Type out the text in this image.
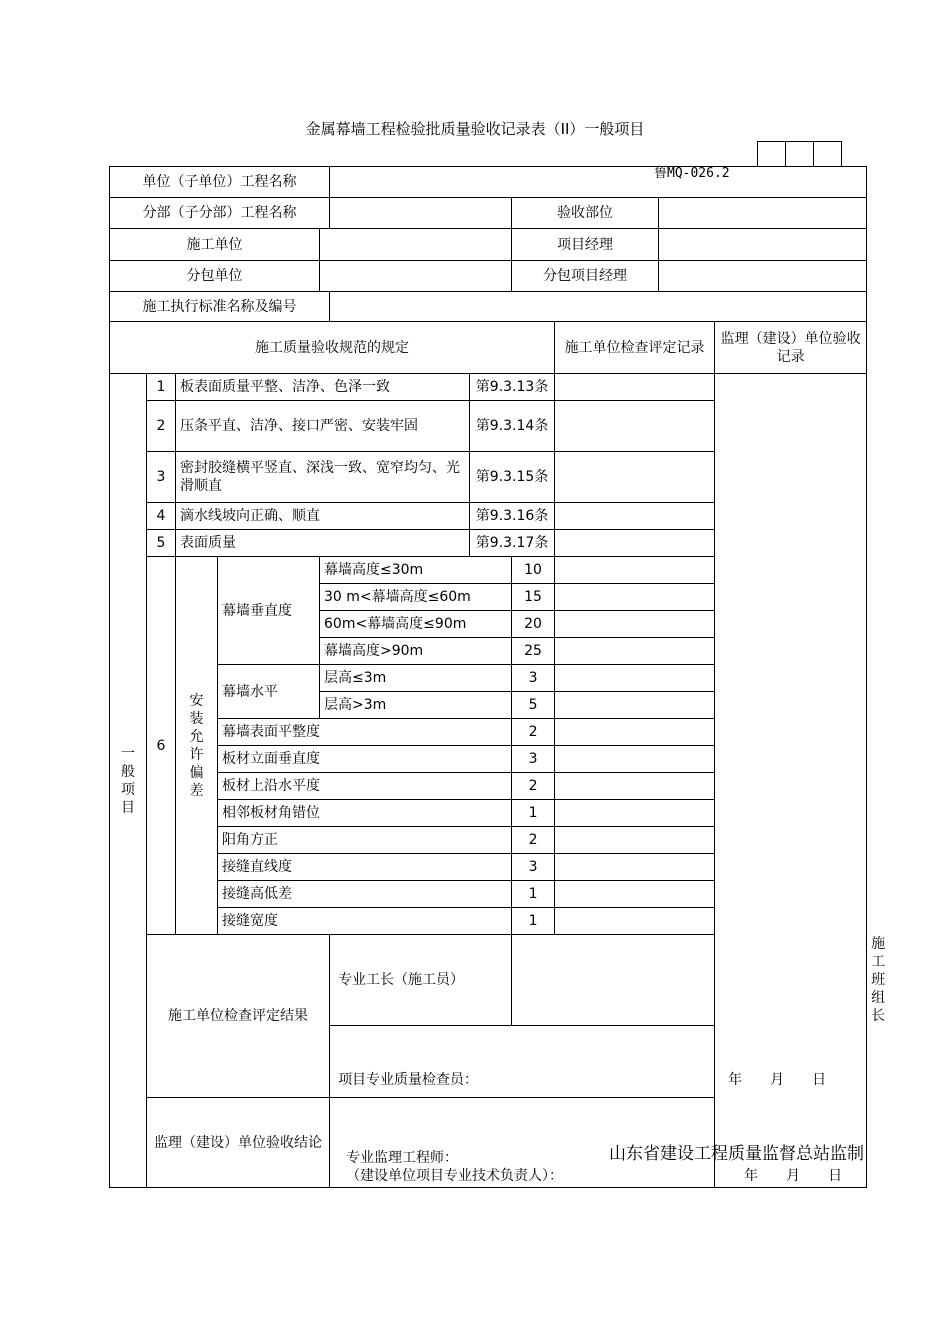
金属幕墙工程检验批质量验收记录表（II）一般项目

鲁MQ-026.2
单位（子单位）工程名称											
分部（子分部）工程名称							验收部位				
施工单位							项目经理				
分包单位							分包项目经理				
施工执行标准名称及编号											
施工质量验收规范的规定								施工单位检查评定记录		监理（建设）单位验收记录	
一般项目	1	板表面质量平整、洁净、色泽一致				第9.3.13条					
	2	压条平直、洁净、接口严密、安装牢固				第9.3.14条					
	3	密封胶缝横平竖直、深浅一致、宽窄均匀、光滑顺直				第9.3.15条					
	4	滴水线坡向正确、顺直				第9.3.16条					
	5	表面质量				第9.3.17条					
	6	安装允许偏差	幕墙垂直度	幕墙高度≤30m			10				
				30 m<幕墙高度≤60m			15				
				60m<幕墙高度≤90m			20				
				幕墙高度>90m			25				
			幕墙水平	层高≤3m			3				
				层高>3m			5				
			幕墙表面平整度				2				
			板材立面垂直度				3				
			板材上沿水平度				2				
			相邻板材角错位				1				
			阳角方正				2				
			接缝直线度				3				
			接缝高低差				1				
			接缝宽度				1				
	施工单位检查评定结果				专业工长（施工员）						施工班组长	
					项目专业质量检查员： 年　　月　　日						

	监理（建设）单位验收结论				专业监理工程师：
（建设单位项目专业技术负责人）： 年　　月　　日						
山东省建设工程质量监督总站监制
